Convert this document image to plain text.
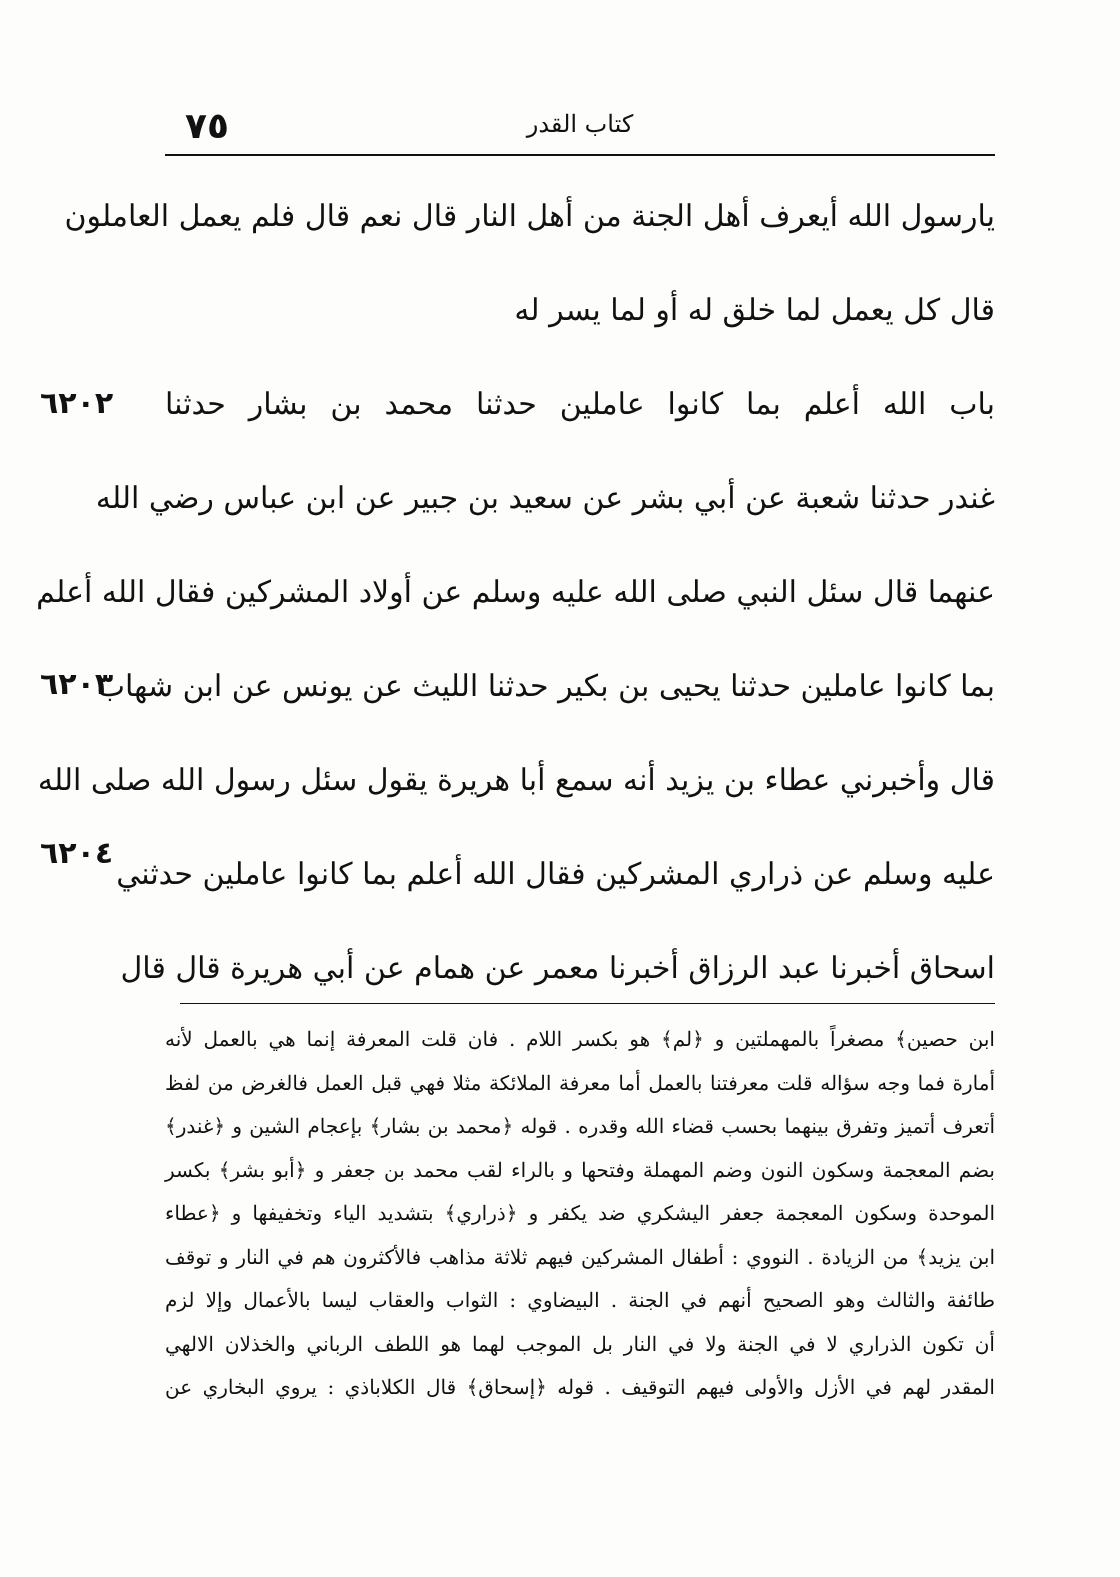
٧٥	كتاب القدر
يارسول الله أيعرف أهل الجنة من أهل النار قال نعم قال فلم يعمل العاملون
قال كل يعمل لما خلق له أو لما يسر له
باب الله أعلم بما كانوا عاملين حدثنا محمد بن بشار حدثنا
غندر حدثنا شعبة عن أبي بشر عن سعيد بن جبير عن ابن عباس رضي الله
عنهما قال سئل النبي صلى الله عليه وسلم عن أولاد المشركين فقال الله أعلم
بما كانوا عاملين حدثنا يحيى بن بكير حدثنا الليث عن يونس عن ابن شهاب
قال وأخبرني عطاء بن يزيد أنه سمع أبا هريرة يقول سئل رسول الله صلى الله
عليه وسلم عن ذراري المشركين فقال الله أعلم بما كانوا عاملين حدثني
اسحاق أخبرنا عبد الرزاق أخبرنا معمر عن همام عن أبي هريرة قال قال
٦٢٠٢
٦٢٠٣
٦٢٠٤
ابن حصين﴾ مصغراً بالمهملتين و ﴿لم﴾ هو بكسر اللام . فان قلت المعرفة إنما هي بالعمل لأنه
أمارة فما وجه سؤاله قلت معرفتنا بالعمل أما معرفة الملائكة مثلا فهي قبل العمل فالغرض من لفظ
أتعرف أتميز وتفرق بينهما بحسب قضاء الله وقدره . قوله ﴿محمد بن بشار﴾ بإعجام الشين و ﴿غندر﴾
بضم المعجمة وسكون النون وضم المهملة وفتحها و بالراء لقب محمد بن جعفر و ﴿أبو بشر﴾ بكسر
الموحدة وسكون المعجمة جعفر اليشكري ضد يكفر و ﴿ذراري﴾ بتشديد الياء وتخفيفها و ﴿عطاء
ابن يزيد﴾ من الزيادة . النووي : أطفال المشركين فيهم ثلاثة مذاهب فالأكثرون هم في النار و توقف
طائفة والثالث وهو الصحيح أنهم في الجنة . البيضاوي : الثواب والعقاب ليسا بالأعمال وإلا لزم
أن تكون الذراري لا في الجنة ولا في النار بل الموجب لهما هو اللطف الرباني والخذلان الالهي
المقدر لهم في الأزل والأولى فيهم التوقيف . قوله ﴿إسحاق﴾ قال الكلاباذي : يروي البخاري عن
